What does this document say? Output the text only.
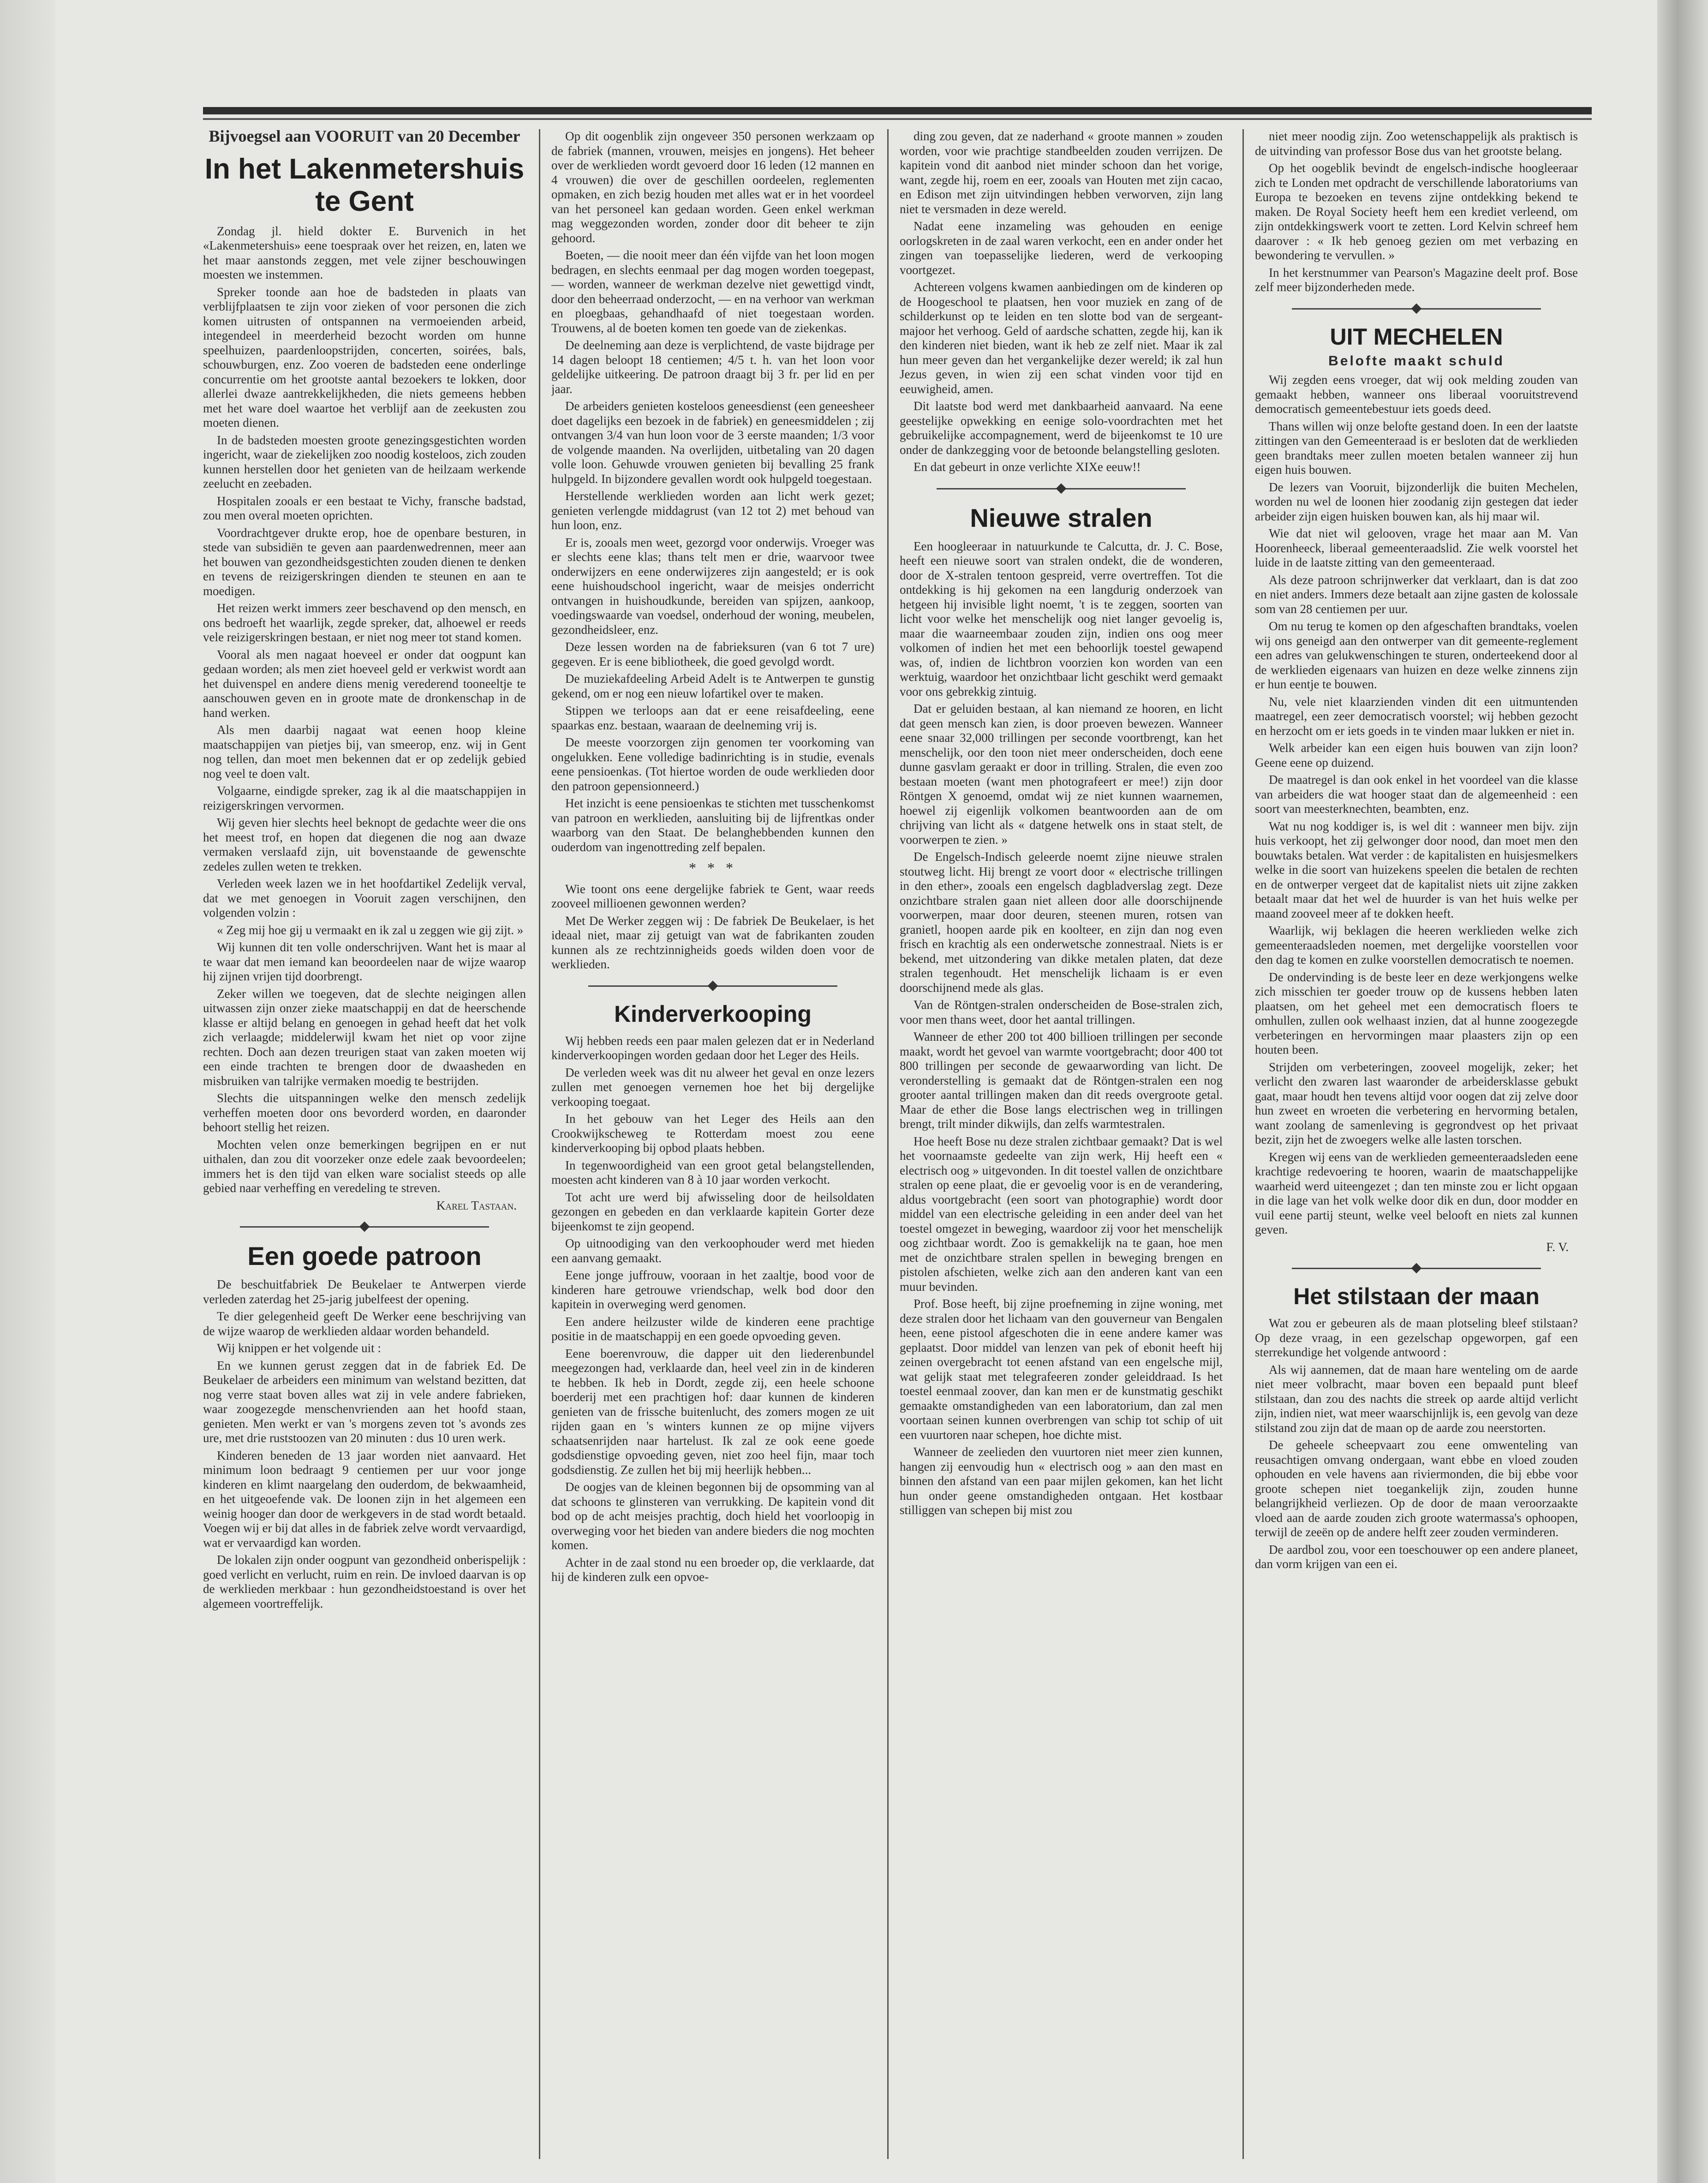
Bijvoegsel aan VOORUIT van 20 December

In het Lakenmetershuis te Gent

Zondag jl. hield dokter E. Burvenich in het «Lakenmetershuis» eene toespraak over het reizen, en, laten we het maar aanstonds zeggen, met vele zijner beschouwingen moesten we instemmen.

Spreker toonde aan hoe de badsteden in plaats van verblijfplaatsen te zijn voor zieken of voor personen die zich komen uitrusten of ontspannen na vermoeienden arbeid, integendeel in meerderheid bezocht worden om hunne speelhuizen, paardenloopstrijden, concerten, soirées, bals, schouwburgen, enz. Zoo voeren de badsteden eene onderlinge concurrentie om het grootste aantal bezoekers te lokken, door allerlei dwaze aantrekkelijkheden, die niets gemeens hebben met het ware doel waartoe het verblijf aan de zeekusten zou moeten dienen.

In de badsteden moesten groote genezingsgestichten worden ingericht, waar de ziekelijken zoo noodig kosteloos, zich zouden kunnen herstellen door het genieten van de heilzaam werkende zeelucht en zeebaden.

Hospitalen zooals er een bestaat te Vichy, fransche badstad, zou men overal moeten oprichten.

Voordrachtgever drukte erop, hoe de openbare besturen, in stede van subsidiën te geven aan paardenwedrennen, meer aan het bouwen van gezondheidsgestichten zouden dienen te denken en tevens de reizigerskringen dienden te steunen en aan te moedigen.

Het reizen werkt immers zeer beschavend op den mensch, en ons bedroeft het waarlijk, zegde spreker, dat, alhoewel er reeds vele reizigerskringen bestaan, er niet nog meer tot stand komen.

Vooral als men nagaat hoeveel er onder dat oogpunt kan gedaan worden; als men ziet hoeveel geld er verkwist wordt aan het duivenspel en andere diens menig verederend tooneeltje te aanschouwen geven en in groote mate de dronkenschap in de hand werken.

Als men daarbij nagaat wat eenen hoop kleine maatschappijen van pietjes bij, van smeerop, enz. wij in Gent nog tellen, dan moet men bekennen dat er op zedelijk gebied nog veel te doen valt.

Volgaarne, eindigde spreker, zag ik al die maatschappijen in reizigerskringen vervormen.

Wij geven hier slechts heel beknopt de gedachte weer die ons het meest trof, en hopen dat diegenen die nog aan dwaze vermaken verslaafd zijn, uit bovenstaande de gewenschte zedeles zullen weten te trekken.

Verleden week lazen we in het hoofdartikel Zedelijk verval, dat we met genoegen in Vooruit zagen verschijnen, den volgenden volzin :

« Zeg mij hoe gij u vermaakt en ik zal u zeggen wie gij zijt. »

Wij kunnen dit ten volle onderschrijven. Want het is maar al te waar dat men iemand kan beoordeelen naar de wijze waarop hij zijnen vrijen tijd doorbrengt.

Zeker willen we toegeven, dat de slechte neigingen allen uitwassen zijn onzer zieke maatschappij en dat de heerschende klasse er altijd belang en genoegen in gehad heeft dat het volk zich verlaagde; middelerwijl kwam het niet op voor zijne rechten. Doch aan dezen treurigen staat van zaken moeten wij een einde trachten te brengen door de dwaasheden en misbruiken van talrijke vermaken moedig te bestrijden.

Slechts die uitspanningen welke den mensch zedelijk verheffen moeten door ons bevorderd worden, en daaronder behoort stellig het reizen.

Mochten velen onze bemerkingen begrijpen en er nut uithalen, dan zou dit voorzeker onze edele zaak bevoordeelen; immers het is den tijd van elken ware socialist steeds op alle gebied naar verheffing en veredeling te streven.

Karel Tastaan.

Een goede patroon

De beschuitfabriek De Beukelaer te Antwerpen vierde verleden zaterdag het 25-jarig jubelfeest der opening.

Te dier gelegenheid geeft De Werker eene beschrijving van de wijze waarop de werklieden aldaar worden behandeld.

Wij knippen er het volgende uit :

En we kunnen gerust zeggen dat in de fabriek Ed. De Beukelaer de arbeiders een minimum van welstand bezitten, dat nog verre staat boven alles wat zij in vele andere fabrieken, waar zoogezegde menschenvrienden aan het hoofd staan, genieten. Men werkt er van 's morgens zeven tot 's avonds zes ure, met drie ruststoozen van 20 minuten : dus 10 uren werk.

Kinderen beneden de 13 jaar worden niet aanvaard. Het minimum loon bedraagt 9 centiemen per uur voor jonge kinderen en klimt naargelang den ouderdom, de bekwaamheid, en het uitgeoefende vak. De loonen zijn in het algemeen een weinig hooger dan door de werkgevers in de stad wordt betaald. Voegen wij er bij dat alles in de fabriek zelve wordt vervaardigd, wat er vervaardigd kan worden.

De lokalen zijn onder oogpunt van gezondheid onberispelijk : goed verlicht en verlucht, ruim en rein. De invloed daarvan is op de werklieden merkbaar : hun gezondheidstoestand is over het algemeen voortreffelijk.

Op dit oogenblik zijn ongeveer 350 personen werkzaam op de fabriek (mannen, vrouwen, meisjes en jongens). Het beheer over de werklieden wordt gevoerd door 16 leden (12 mannen en 4 vrouwen) die over de geschillen oordeelen, reglementen opmaken, en zich bezig houden met alles wat er in het voordeel van het personeel kan gedaan worden. Geen enkel werkman mag weggezonden worden, zonder door dit beheer te zijn gehoord.

Boeten, — die nooit meer dan één vijfde van het loon mogen bedragen, en slechts eenmaal per dag mogen worden toegepast, — worden, wanneer de werkman dezelve niet gewettigd vindt, door den beheerraad onderzocht, — en na verhoor van werkman en ploegbaas, gehandhaafd of niet toegestaan worden. Trouwens, al de boeten komen ten goede van de ziekenkas.

De deelneming aan deze is verplichtend, de vaste bijdrage per 14 dagen beloopt 18 centiemen; 4/5 t. h. van het loon voor geldelijke uitkeering. De patroon draagt bij 3 fr. per lid en per jaar.

De arbeiders genieten kosteloos geneesdienst (een geneesheer doet dagelijks een bezoek in de fabriek) en geneesmiddelen ; zij ontvangen 3/4 van hun loon voor de 3 eerste maanden; 1/3 voor de volgende maanden. Na overlijden, uitbetaling van 20 dagen volle loon. Gehuwde vrouwen genieten bij bevalling 25 frank hulpgeld. In bijzondere gevallen wordt ook hulpgeld toegestaan.

Herstellende werklieden worden aan licht werk gezet; genieten verlengde middagrust (van 12 tot 2) met behoud van hun loon, enz.

Er is, zooals men weet, gezorgd voor onderwijs. Vroeger was er slechts eene klas; thans telt men er drie, waarvoor twee onderwijzers en eene onderwijzeres zijn aangesteld; er is ook eene huishoudschool ingericht, waar de meisjes onderricht ontvangen in huishoudkunde, bereiden van spijzen, aankoop, voedingswaarde van voedsel, onderhoud der woning, meubelen, gezondheidsleer, enz.

Deze lessen worden na de fabrieksuren (van 6 tot 7 ure) gegeven. Er is eene bibliotheek, die goed gevolgd wordt.

De muziekafdeeling Arbeid Adelt is te Antwerpen te gunstig gekend, om er nog een nieuw lofartikel over te maken.

Stippen we terloops aan dat er eene reisafdeeling, eene spaarkas enz. bestaan, waaraan de deelneming vrij is.

De meeste voorzorgen zijn genomen ter voorkoming van ongelukken. Eene volledige badinrichting is in studie, evenals eene pensioenkas. (Tot hiertoe worden de oude werklieden door den patroon gepensionneerd.)

Het inzicht is eene pensioenkas te stichten met tusschenkomst van patroon en werklieden, aansluiting bij de lijfrentkas onder waarborg van den Staat. De belanghebbenden kunnen den ouderdom van ingenottreding zelf bepalen.

* * *

Wie toont ons eene dergelijke fabriek te Gent, waar reeds zooveel millioenen gewonnen werden?

Met De Werker zeggen wij : De fabriek De Beukelaer, is het ideaal niet, maar zij getuigt van wat de fabrikanten zouden kunnen als ze rechtzinnigheids goeds wilden doen voor de werklieden.

Kinderverkooping

Wij hebben reeds een paar malen gelezen dat er in Nederland kinderverkoopingen worden gedaan door het Leger des Heils.

De verleden week was dit nu alweer het geval en onze lezers zullen met genoegen vernemen hoe het bij dergelijke verkooping toegaat.

In het gebouw van het Leger des Heils aan den Crookwijkscheweg te Rotterdam moest zou eene kinderverkooping bij opbod plaats hebben.

In tegenwoordigheid van een groot getal belangstellenden, moesten acht kinderen van 8 à 10 jaar worden verkocht.

Tot acht ure werd bij afwisseling door de heilsoldaten gezongen en gebeden en dan verklaarde kapitein Gorter deze bijeenkomst te zijn geopend.

Op uitnoodiging van den verkoophouder werd met hieden een aanvang gemaakt.

Eene jonge juffrouw, vooraan in het zaaltje, bood voor de kinderen hare getrouwe vriendschap, welk bod door den kapitein in overweging werd genomen.

Een andere heilzuster wilde de kinderen eene prachtige positie in de maatschappij en een goede opvoeding geven.

Eene boerenvrouw, die dapper uit den liederenbundel meegezongen had, verklaarde dan, heel veel zin in de kinderen te hebben. Ik heb in Dordt, zegde zij, een heele schoone boerderij met een prachtigen hof: daar kunnen de kinderen genieten van de frissche buitenlucht, des zomers mogen ze uit rijden gaan en 's winters kunnen ze op mijne vijvers schaatsenrijden naar hartelust. Ik zal ze ook eene goede godsdienstige opvoeding geven, niet zoo heel fijn, maar toch godsdienstig. Ze zullen het bij mij heerlijk hebben...

De oogjes van de kleinen begonnen bij de opsomming van al dat schoons te glinsteren van verrukking. De kapitein vond dit bod op de acht meisjes prachtig, doch hield het voorloopig in overweging voor het bieden van andere bieders die nog mochten komen.

Achter in de zaal stond nu een broeder op, die verklaarde, dat hij de kinderen zulk een opvoe-

ding zou geven, dat ze naderhand « groote mannen » zouden worden, voor wie prachtige standbeelden zouden verrijzen. De kapitein vond dit aanbod niet minder schoon dan het vorige, want, zegde hij, roem en eer, zooals van Houten met zijn cacao, en Edison met zijn uitvindingen hebben verworven, zijn lang niet te versmaden in deze wereld.

Nadat eene inzameling was gehouden en eenige oorlogskreten in de zaal waren verkocht, een en ander onder het zingen van toepasselijke liederen, werd de verkooping voortgezet.

Achtereen volgens kwamen aanbiedingen om de kinderen op de Hoogeschool te plaatsen, hen voor muziek en zang of de schilderkunst op te leiden en ten slotte bod van de sergeant-majoor het verhoog. Geld of aardsche schatten, zegde hij, kan ik den kinderen niet bieden, want ik heb ze zelf niet. Maar ik zal hun meer geven dan het vergankelijke dezer wereld; ik zal hun Jezus geven, in wien zij een schat vinden voor tijd en eeuwigheid, amen.

Dit laatste bod werd met dankbaarheid aanvaard. Na eene geestelijke opwekking en eenige solo-voordrachten met het gebruikelijke accompagnement, werd de bijeenkomst te 10 ure onder de dankzegging voor de betoonde belangstelling gesloten.

En dat gebeurt in onze verlichte XIXe eeuw!!

Nieuwe stralen

Een hoogleeraar in natuurkunde te Calcutta, dr. J. C. Bose, heeft een nieuwe soort van stralen ondekt, die de wonderen, door de X-stralen tentoon gespreid, verre overtreffen. Tot die ontdekking is hij gekomen na een langdurig onderzoek van hetgeen hij invisible light noemt, 't is te zeggen, soorten van licht voor welke het menschelijk oog niet langer gevoelig is, maar die waarneembaar zouden zijn, indien ons oog meer volkomen of indien het met een behoorlijk toestel gewapend was, of, indien de lichtbron voorzien kon worden van een werktuig, waardoor het onzichtbaar licht geschikt werd gemaakt voor ons gebrekkig zintuig.

Dat er geluiden bestaan, al kan niemand ze hooren, en licht dat geen mensch kan zien, is door proeven bewezen. Wanneer eene snaar 32,000 trillingen per seconde voortbrengt, kan het menschelijk, oor den toon niet meer onderscheiden, doch eene dunne gasvlam geraakt er door in trilling. Stralen, die even zoo bestaan moeten (want men photografeert er mee!) zijn door Röntgen X genoemd, omdat wij ze niet kunnen waarnemen, hoewel zij eigenlijk volkomen beantwoorden aan de om chrijving van licht als « datgene hetwelk ons in staat stelt, de voorwerpen te zien. »

De Engelsch-Indisch geleerde noemt zijne nieuwe stralen stoutweg licht. Hij brengt ze voort door « electrische trillingen in den ether», zooals een engelsch dagbladverslag zegt. Deze onzichtbare stralen gaan niet alleen door alle doorschijnende voorwerpen, maar door deuren, steenen muren, rotsen van granietl, hoopen aarde pik en koolteer, en zijn dan nog even frisch en krachtig als een onderwetsche zonnestraal. Niets is er bekend, met uitzondering van dikke metalen platen, dat deze stralen tegenhoudt. Het menschelijk lichaam is er even doorschijnend mede als glas.

Van de Röntgen-stralen onderscheiden de Bose-stralen zich, voor men thans weet, door het aantal trillingen.

Wanneer de ether 200 tot 400 billioen trillingen per seconde maakt, wordt het gevoel van warmte voortgebracht; door 400 tot 800 trillingen per seconde de gewaarwording van licht. De veronderstelling is gemaakt dat de Röntgen-stralen een nog grooter aantal trillingen maken dan dit reeds overgroote getal. Maar de ether die Bose langs electrischen weg in trillingen brengt, trilt minder dikwijls, dan zelfs warmtestralen.

Hoe heeft Bose nu deze stralen zichtbaar gemaakt? Dat is wel het voornaamste gedeelte van zijn werk, Hij heeft een « electrisch oog » uitgevonden. In dit toestel vallen de onzichtbare stralen op eene plaat, die er gevoelig voor is en de verandering, aldus voortgebracht (een soort van photographie) wordt door middel van een electrische geleiding in een ander deel van het toestel omgezet in beweging, waardoor zij voor het menschelijk oog zichtbaar wordt. Zoo is gemakkelijk na te gaan, hoe men met de onzichtbare stralen spellen in beweging brengen en pistolen afschieten, welke zich aan den anderen kant van een muur bevinden.

Prof. Bose heeft, bij zijne proefneming in zijne woning, met deze stralen door het lichaam van den gouverneur van Bengalen heen, eene pistool afgeschoten die in eene andere kamer was geplaatst. Door middel van lenzen van pek of ebonit heeft hij zeinen overgebracht tot eenen afstand van een engelsche mijl, wat gelijk staat met telegrafeeren zonder geleiddraad. Is het toestel eenmaal zoover, dan kan men er de kunstmatig geschikt gemaakte omstandigheden van een laboratorium, dan zal men voortaan seinen kunnen overbrengen van schip tot schip of uit een vuurtoren naar schepen, hoe dichte mist.

Wanneer de zeelieden den vuurtoren niet meer zien kunnen, hangen zij eenvoudig hun « electrisch oog » aan den mast en binnen den afstand van een paar mijlen gekomen, kan het licht hun onder geene omstandigheden ontgaan. Het kostbaar stilliggen van schepen bij mist zou

niet meer noodig zijn. Zoo wetenschappelijk als praktisch is de uitvinding van professor Bose dus van het grootste belang.

Op het oogeblik bevindt de engelsch-indische hoogleeraar zich te Londen met opdracht de verschillende laboratoriums van Europa te bezoeken en tevens zijne ontdekking bekend te maken. De Royal Society heeft hem een krediet verleend, om zijn ontdekkingswerk voort te zetten. Lord Kelvin schreef hem daarover : « Ik heb genoeg gezien om met verbazing en bewondering te vervullen. »

In het kerstnummer van Pearson's Magazine deelt prof. Bose zelf meer bijzonderheden mede.

UIT MECHELEN
Belofte maakt schuld

Wij zegden eens vroeger, dat wij ook melding zouden van gemaakt hebben, wanneer ons liberaal vooruitstrevend democratisch gemeentebestuur iets goeds deed.

Thans willen wij onze belofte gestand doen. In een der laatste zittingen van den Gemeenteraad is er besloten dat de werklieden geen brandtaks meer zullen moeten betalen wanneer zij hun eigen huis bouwen.

De lezers van Vooruit, bijzonderlijk die buiten Mechelen, worden nu wel de loonen hier zoodanig zijn gestegen dat ieder arbeider zijn eigen huisken bouwen kan, als hij maar wil.

Wie dat niet wil gelooven, vrage het maar aan M. Van Hoorenheeck, liberaal gemeenteraadslid. Zie welk voorstel het luide in de laatste zitting van den gemeenteraad.

Als deze patroon schrijnwerker dat verklaart, dan is dat zoo en niet anders. Immers deze betaalt aan zijne gasten de kolossale som van 28 centiemen per uur.

Om nu terug te komen op den afgeschaften brandtaks, voelen wij ons geneigd aan den ontwerper van dit gemeente-reglement een adres van gelukwenschingen te sturen, onderteekend door al de werklieden eigenaars van huizen en deze welke zinnens zijn er hun eentje te bouwen.

Nu, vele niet klaarzienden vinden dit een uitmuntenden maatregel, een zeer democratisch voorstel; wij hebben gezocht en herzocht om er iets goeds in te vinden maar lukken er niet in.

Welk arbeider kan een eigen huis bouwen van zijn loon? Geene eene op duizend.

De maatregel is dan ook enkel in het voordeel van die klasse van arbeiders die wat hooger staat dan de algemeenheid : een soort van meesterknechten, beambten, enz.

Wat nu nog koddiger is, is wel dit : wanneer men bijv. zijn huis verkoopt, het zij gelwonger door nood, dan moet men den bouwtaks betalen. Wat verder : de kapitalisten en huisjesmelkers welke in die soort van huizekens speelen die betalen de rechten en de ontwerper vergeet dat de kapitalist niets uit zijne zakken betaalt maar dat het wel de huurder is van het huis welke per maand zooveel meer af te dokken heeft.

Waarlijk, wij beklagen die heeren werklieden welke zich gemeenteraadsleden noemen, met dergelijke voorstellen voor den dag te komen en zulke voorstellen democratisch te noemen.

De ondervinding is de beste leer en deze werkjongens welke zich misschien ter goeder trouw op de kussens hebben laten plaatsen, om het geheel met een democratisch floers te omhullen, zullen ook welhaast inzien, dat al hunne zoogezegde verbeteringen en hervormingen maar plaasters zijn op een houten been.

Strijden om verbeteringen, zooveel mogelijk, zeker; het verlicht den zwaren last waaronder de arbeidersklasse gebukt gaat, maar houdt hen tevens altijd voor oogen dat zij zelve door hun zweet en wroeten die verbetering en hervorming betalen, want zoolang de samenleving is gegrondvest op het privaat bezit, zijn het de zwoegers welke alle lasten torschen.

Kregen wij eens van de werklieden gemeenteraadsleden eene krachtige redevoering te hooren, waarin de maatschappelijke waarheid werd uiteengezet ; dan ten minste zou er licht opgaan in die lage van het volk welke door dik en dun, door modder en vuil eene partij steunt, welke veel belooft en niets zal kunnen geven.

F. V.

Het stilstaan der maan

Wat zou er gebeuren als de maan plotseling bleef stilstaan? Op deze vraag, in een gezelschap opgeworpen, gaf een sterrekundige het volgende antwoord :

Als wij aannemen, dat de maan hare wenteling om de aarde niet meer volbracht, maar boven een bepaald punt bleef stilstaan, dan zou des nachts die streek op aarde altijd verlicht zijn, indien niet, wat meer waarschijnlijk is, een gevolg van deze stilstand zou zijn dat de maan op de aarde zou neerstorten.

De geheele scheepvaart zou eene omwenteling van reusachtigen omvang ondergaan, want ebbe en vloed zouden ophouden en vele havens aan riviermonden, die bij ebbe voor groote schepen niet toegankelijk zijn, zouden hunne belangrijkheid verliezen. Op de door de maan veroorzaakte vloed aan de aarde zouden zich groote watermassa's ophoopen, terwijl de zeeën op de andere helft zeer zouden verminderen.

De aardbol zou, voor een toeschouwer op een andere planeet, dan vorm krijgen van een ei.
